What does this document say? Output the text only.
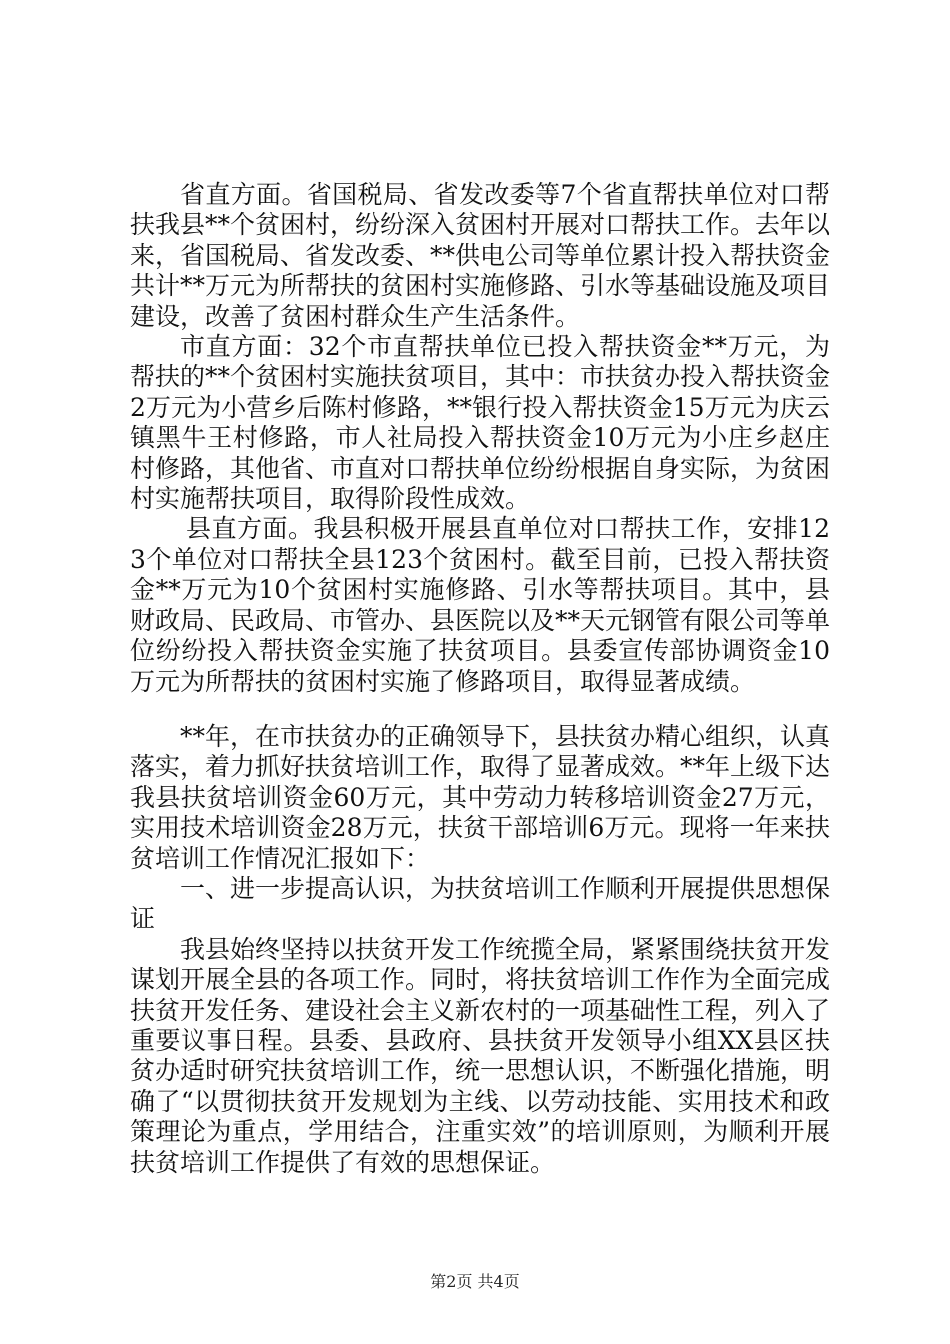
省直方面。省国税局、省发改委等7个省直帮扶单位对口帮扶我县**个贫困村，纷纷深入贫困村开展对口帮扶工作。去年以来，省国税局、省发改委、**供电公司等单位累计投入帮扶资金共计**万元为所帮扶的贫困村实施修路、引水等基础设施及项目建设，改善了贫困村群众生产生活条件。

市直方面：32个市直帮扶单位已投入帮扶资金**万元，为帮扶的**个贫困村实施扶贫项目，其中：市扶贫办投入帮扶资金2万元为小营乡后陈村修路，**银行投入帮扶资金15万元为庆云镇黑牛王村修路，市人社局投入帮扶资金10万元为小庄乡赵庄村修路，其他省、市直对口帮扶单位纷纷根据自身实际，为贫困村实施帮扶项目，取得阶段性成效。

县直方面。我县积极开展县直单位对口帮扶工作，安排123个单位对口帮扶全县123个贫困村。截至目前，已投入帮扶资金**万元为10个贫困村实施修路、引水等帮扶项目。其中，县财政局、民政局、市管办、县医院以及**天元钢管有限公司等单位纷纷投入帮扶资金实施了扶贫项目。县委宣传部协调资金10万元为所帮扶的贫困村实施了修路项目，取得显著成绩。

**年，在市扶贫办的正确领导下，县扶贫办精心组织，认真落实，着力抓好扶贫培训工作，取得了显著成效。**年上级下达我县扶贫培训资金60万元，其中劳动力转移培训资金27万元，实用技术培训资金28万元，扶贫干部培训6万元。现将一年来扶贫培训工作情况汇报如下：

一、进一步提高认识，为扶贫培训工作顺利开展提供思想保证

我县始终坚持以扶贫开发工作统揽全局，紧紧围绕扶贫开发谋划开展全县的各项工作。同时，将扶贫培训工作作为全面完成扶贫开发任务、建设社会主义新农村的一项基础性工程，列入了重要议事日程。县委、县政府、县扶贫开发领导小组XX县区扶贫办适时研究扶贫培训工作，统一思想认识，不断强化措施，明确了“以贯彻扶贫开发规划为主线、以劳动技能、实用技术和政策理论为重点，学用结合，注重实效”的培训原则，为顺利开展扶贫培训工作提供了有效的思想保证。

第2页 共4页
